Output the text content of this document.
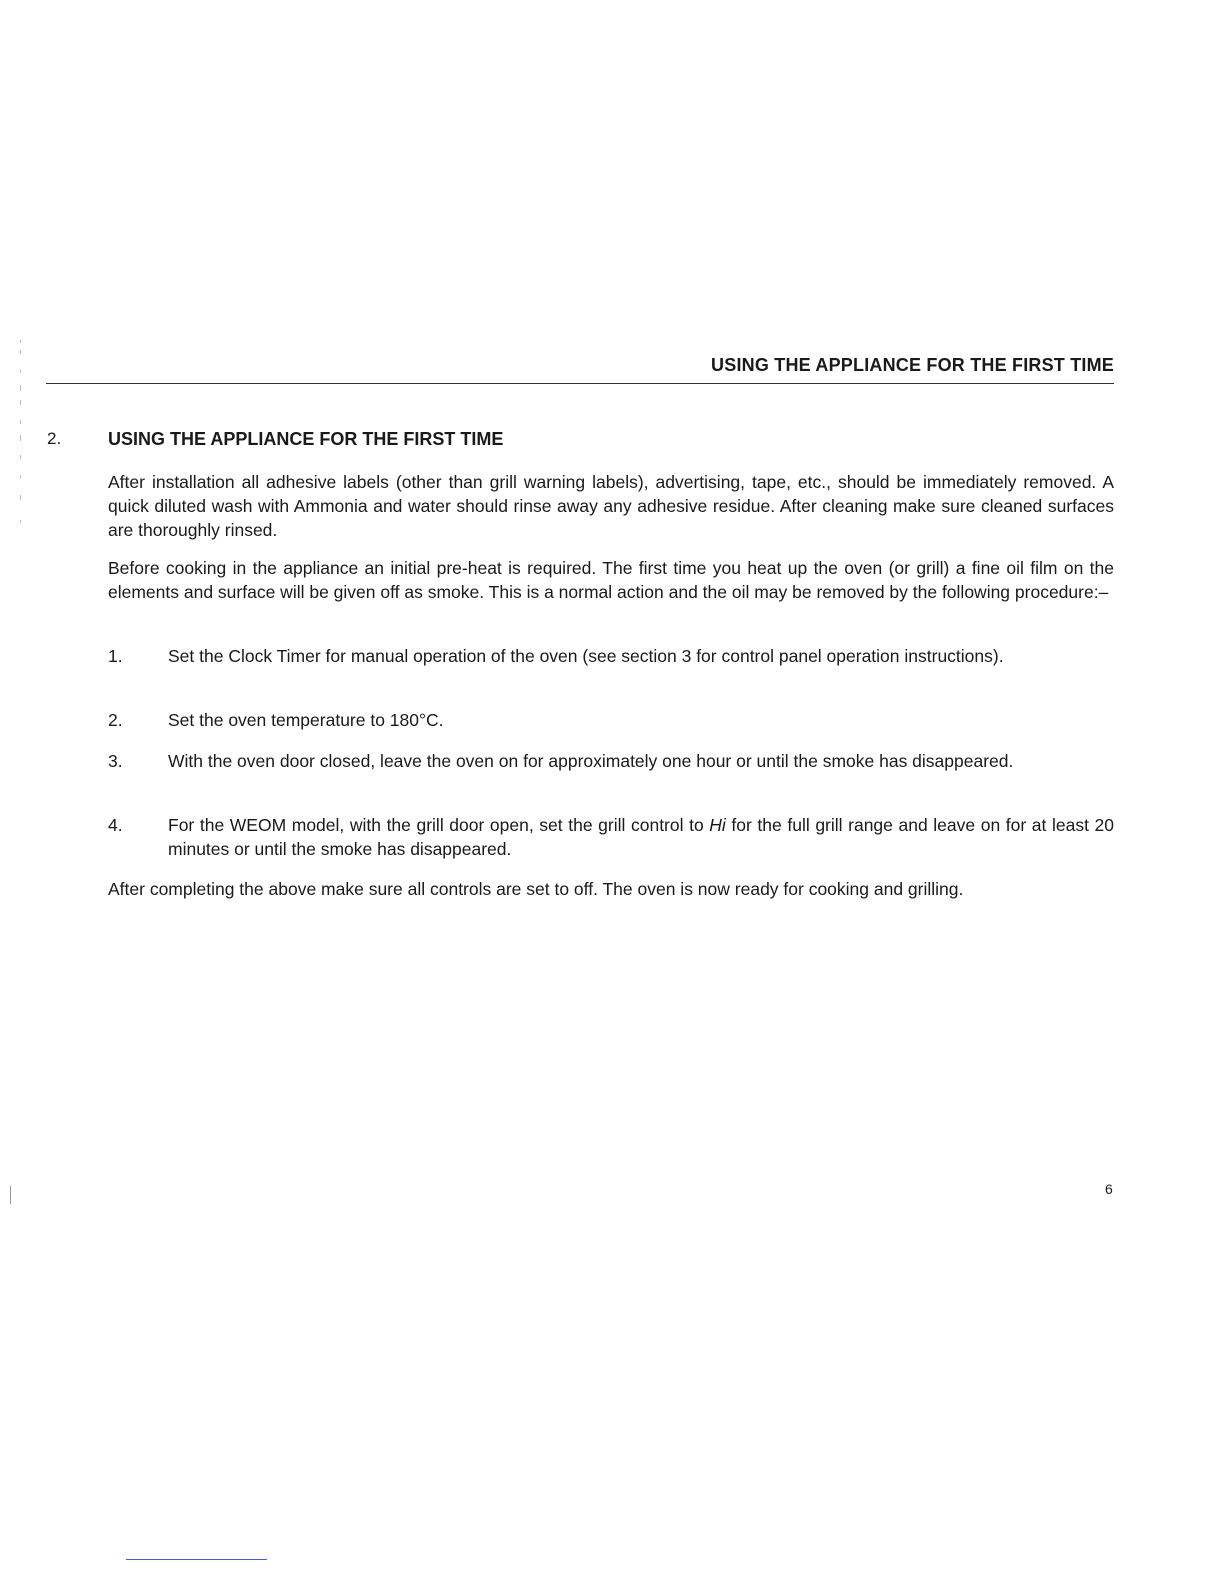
USING THE APPLIANCE FOR THE FIRST TIME
2.	USING THE APPLIANCE FOR THE FIRST TIME

After installation all adhesive labels (other than grill warning labels), advertising, tape, etc., should be immediately removed. A quick diluted wash with Ammonia and water should rinse away any adhesive residue. After cleaning make sure cleaned surfaces are thoroughly rinsed.

Before cooking in the appliance an initial pre-heat is required. The first time you heat up the oven (or grill) a fine oil film on the elements and surface will be given off as smoke. This is a normal action and the oil may be removed by the following procedure:–

1.	Set the Clock Timer for manual operation of the oven (see section 3 for control panel operation instructions).
2.	Set the oven temperature to 180°C.
3.	With the oven door closed, leave the oven on for approximately one hour or until the smoke has disappeared.
4.	For the WEOM model, with the grill door open, set the grill control to Hi for the full grill range and leave on for at least 20 minutes or until the smoke has disappeared.

After completing the above make sure all controls are set to off. The oven is now ready for cooking and grilling.

6
